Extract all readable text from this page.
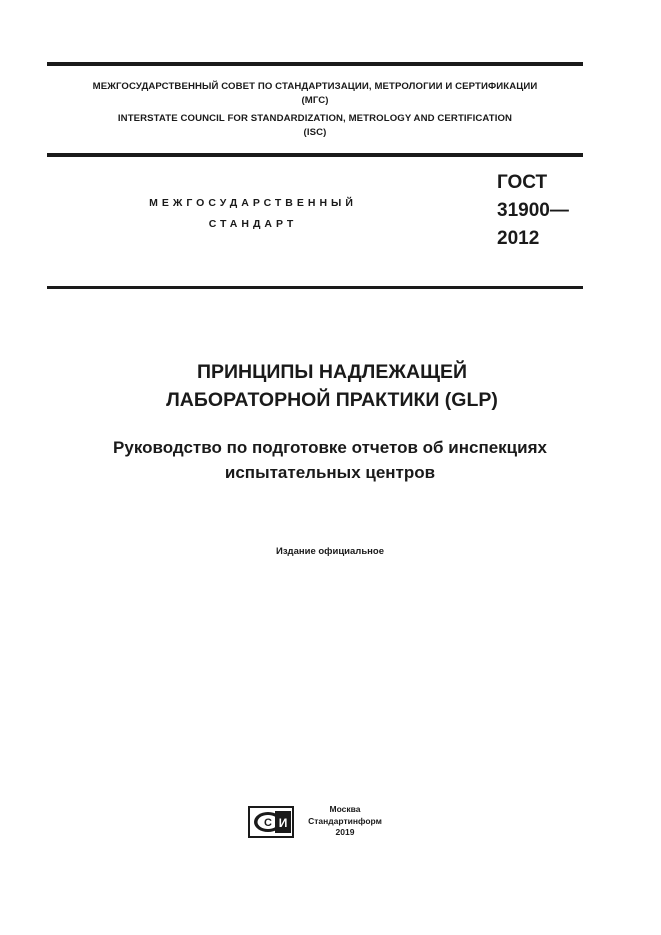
МЕЖГОСУДАРСТВЕННЫЙ СОВЕТ ПО СТАНДАРТИЗАЦИИ, МЕТРОЛОГИИ И СЕРТИФИКАЦИИ
(МГС)
INTERSTATE COUNCIL FOR STANDARDIZATION, METROLOGY AND CERTIFICATION
(ISC)
МЕЖГОСУДАРСТВЕННЫЙ
СТАНДАРТ
ГОСТ
31900—
2012
ПРИНЦИПЫ НАДЛЕЖАЩЕЙ
ЛАБОРАТОРНОЙ ПРАКТИКИ (GLP)
Руководство по подготовке отчетов об инспекциях
испытательных центров
Издание официальное
С И
Москва
Стандартинформ
2019
